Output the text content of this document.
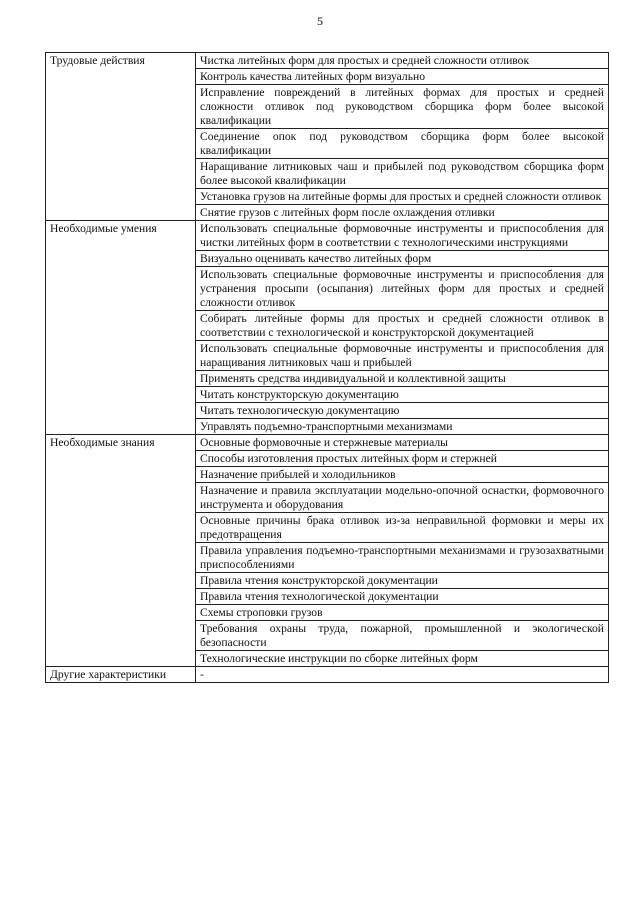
5
Трудовые действия	Чистка литейных форм для простых и средней сложности отливок
	Контроль качества литейных форм визуально
	Исправление повреждений в литейных формах для простых и средней сложности отливок под руководством сборщика форм более высокой квалификации
	Соединение опок под руководством сборщика форм более высокой квалификации
	Наращивание литниковых чаш и прибылей под руководством сборщика форм более высокой квалификации
	Установка грузов на литейные формы для простых и средней сложности отливок
	Снятие грузов с литейных форм после охлаждения отливки
Необходимые умения	Использовать специальные формовочные инструменты и приспособления для чистки литейных форм в соответствии с технологическими инструкциями
	Визуально оценивать качество литейных форм
	Использовать специальные формовочные инструменты и приспособления для устранения просыпи (осыпания) литейных форм для простых и средней сложности отливок
	Собирать литейные формы для простых и средней сложности отливок в соответствии с технологической и конструкторской документацией
	Использовать специальные формовочные инструменты и приспособления для наращивания литниковых чаш и прибылей
	Применять средства индивидуальной и коллективной защиты
	Читать конструкторскую документацию
	Читать технологическую документацию
	Управлять подъемно-транспортными механизмами
Необходимые знания	Основные формовочные и стержневые материалы
	Способы изготовления простых литейных форм и стержней
	Назначение прибылей и холодильников
	Назначение и правила эксплуатации модельно-опочной оснастки, формовочного инструмента и оборудования
	Основные причины брака отливок из-за неправильной формовки и меры их предотвращения
	Правила управления подъемно-транспортными механизмами и грузозахватными приспособлениями
	Правила чтения конструкторской документации
	Правила чтения технологической документации
	Схемы строповки грузов
	Требования охраны труда, пожарной, промышленной и экологической безопасности
	Технологические инструкции по сборке литейных форм
Другие характеристики	-
